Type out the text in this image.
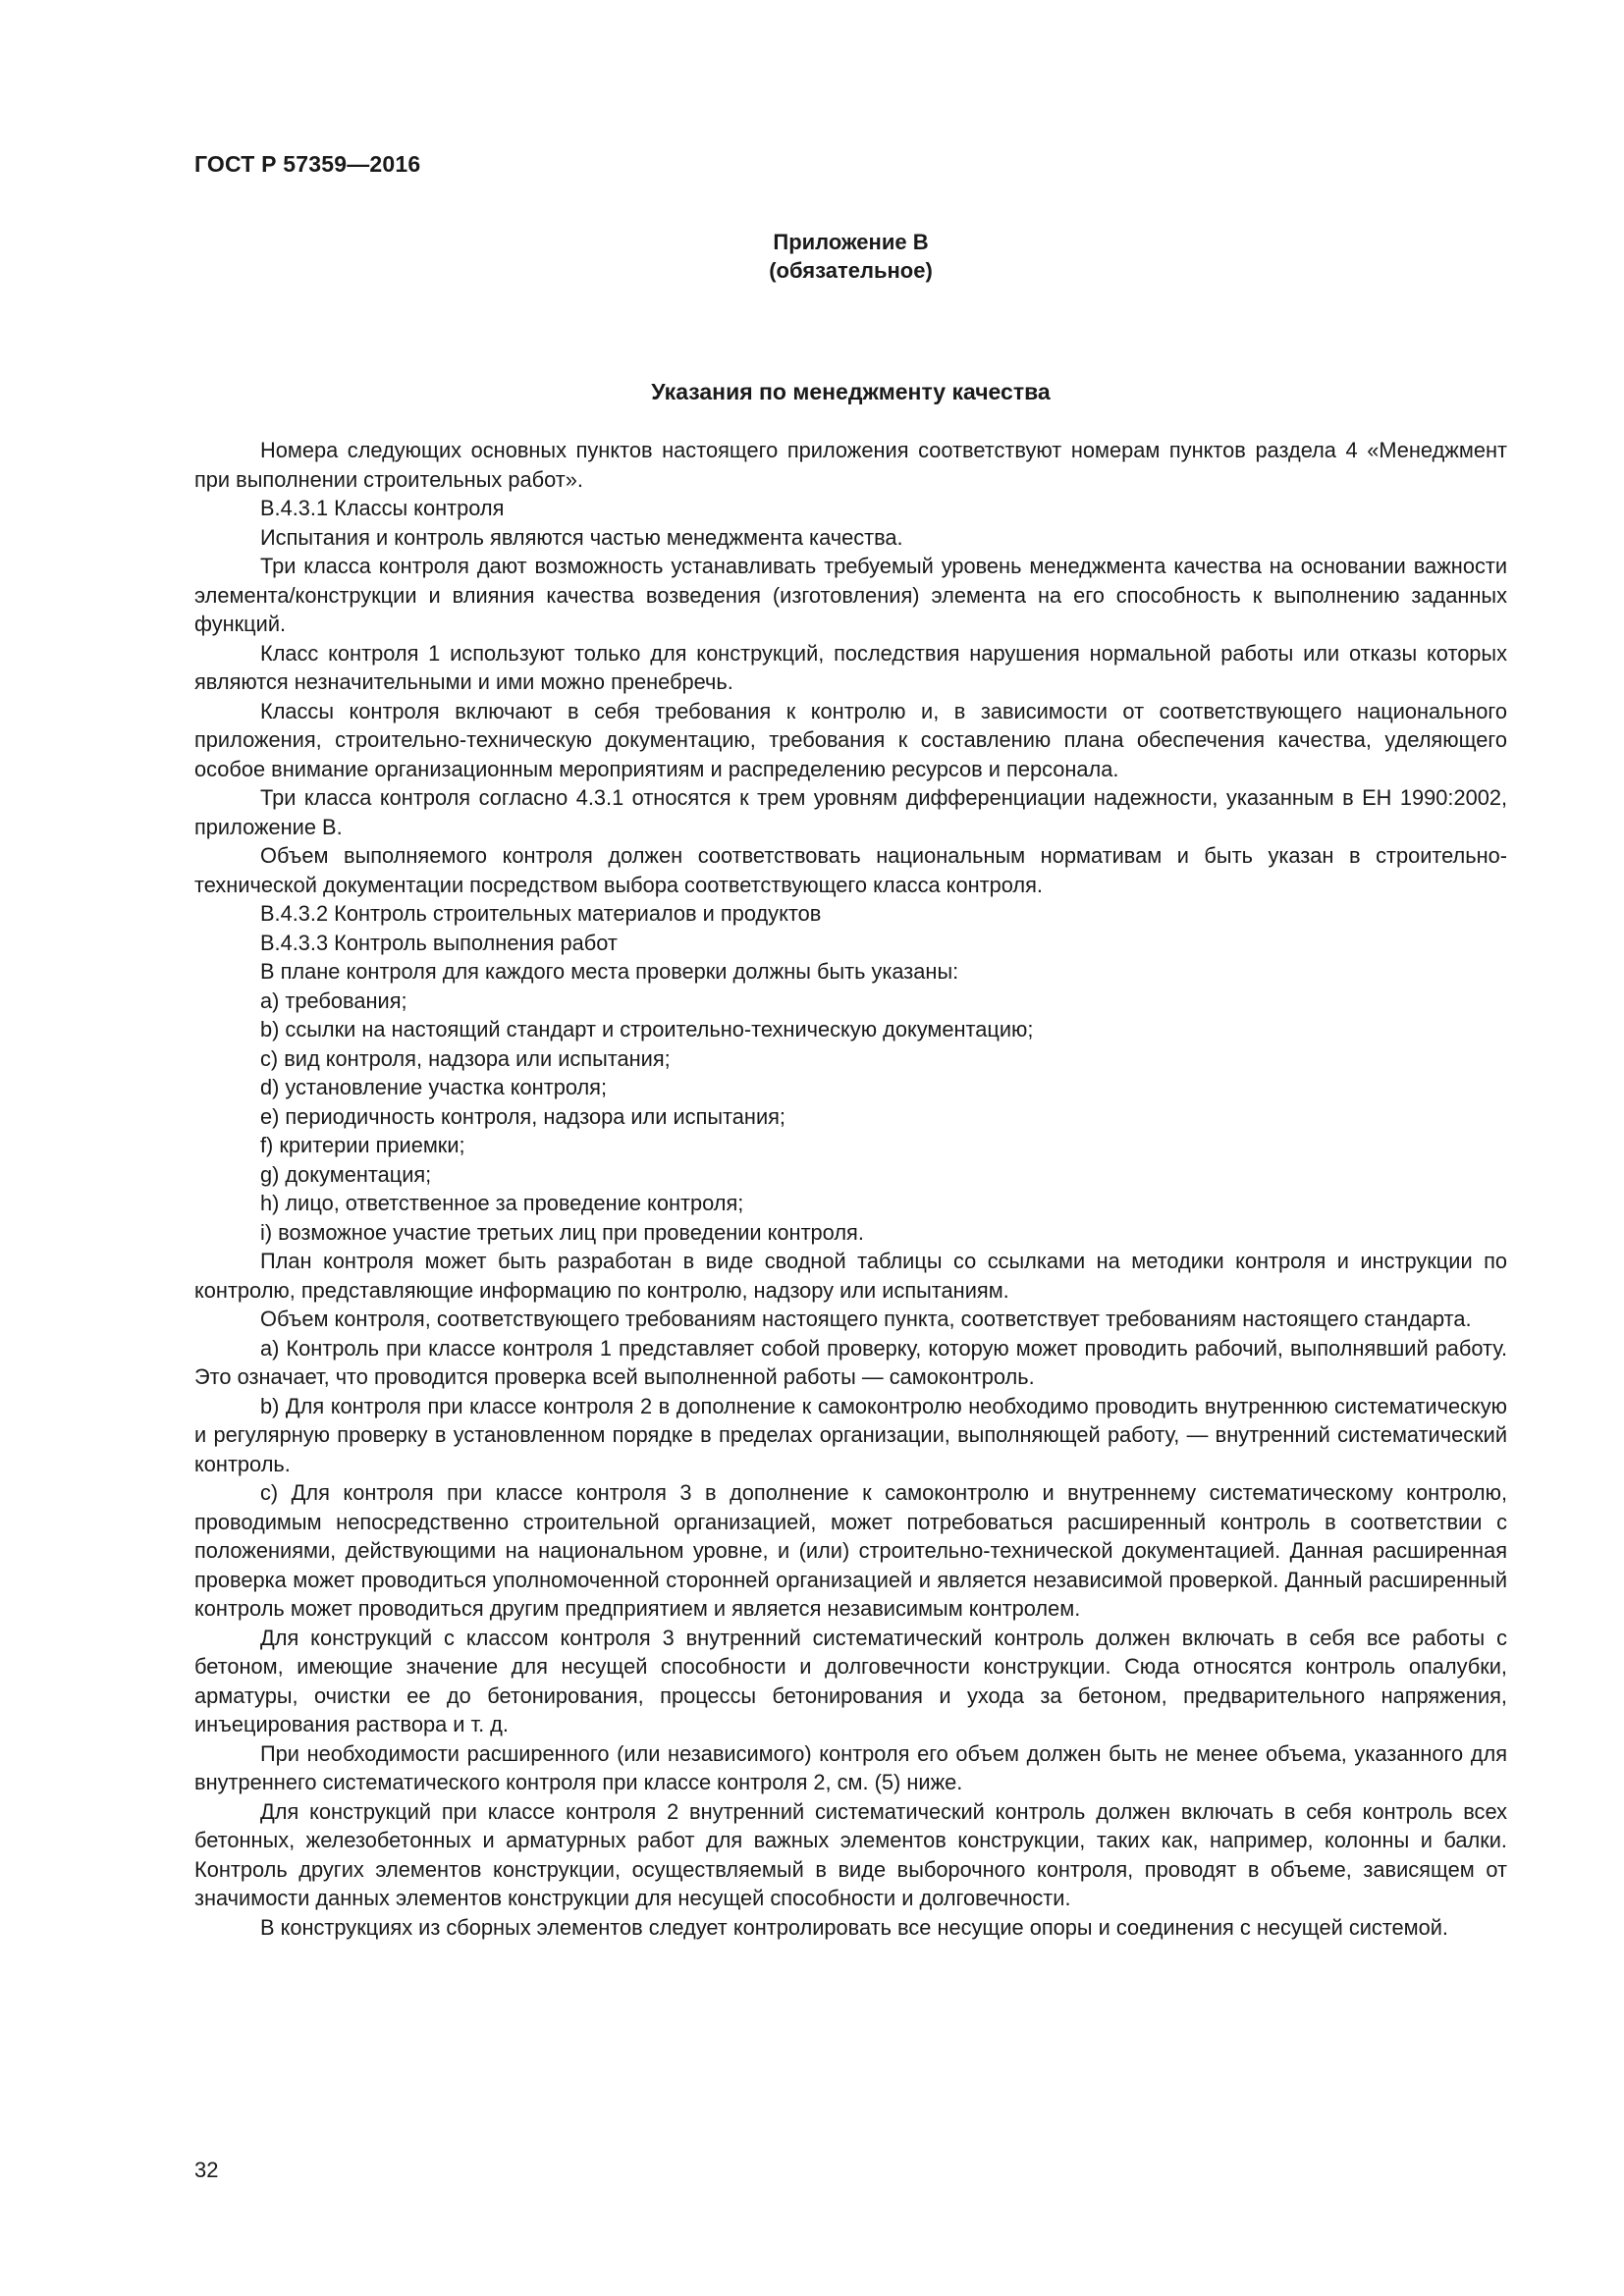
ГОСТ Р 57359—2016
Приложение В
(обязательное)
Указания по менеджменту качества

Номера следующих основных пунктов настоящего приложения соответствуют номерам пунктов раздела 4 «Менеджмент при выполнении строительных работ».

В.4.3.1 Классы контроля

Испытания и контроль являются частью менеджмента качества.

Три класса контроля дают возможность устанавливать требуемый уровень менеджмента качества на основании важности элемента/конструкции и влияния качества возведения (изготовления) элемента на его способность к выполнению заданных функций.

Класс контроля 1 используют только для конструкций, последствия нарушения нормальной работы или отказы которых являются незначительными и ими можно пренебречь.

Классы контроля включают в себя требования к контролю и, в зависимости от соответствующего национального приложения, строительно-техническую документацию, требования к составлению плана обеспечения качества, уделяющего особое внимание организационным мероприятиям и распределению ресурсов и персонала.

Три класса контроля согласно 4.3.1 относятся к трем уровням дифференциации надежности, указанным в ЕН 1990:2002, приложение В.

Объем выполняемого контроля должен соответствовать национальным нормативам и быть указан в строительно-технической документации посредством выбора соответствующего класса контроля.

В.4.3.2 Контроль строительных материалов и продуктов

В.4.3.3 Контроль выполнения работ

В плане контроля для каждого места проверки должны быть указаны:

a) требования;

b) ссылки на настоящий стандарт и строительно-техническую документацию;

c) вид контроля, надзора или испытания;

d) установление участка контроля;

e) периодичность контроля, надзора или испытания;

f) критерии приемки;

g) документация;

h) лицо, ответственное за проведение контроля;

i) возможное участие третьих лиц при проведении контроля.

План контроля может быть разработан в виде сводной таблицы со ссылками на методики контроля и инструкции по контролю, представляющие информацию по контролю, надзору или испытаниям.

Объем контроля, соответствующего требованиям настоящего пункта, соответствует требованиям настоящего стандарта.

a) Контроль при классе контроля 1 представляет собой проверку, которую может проводить рабочий, выполнявший работу. Это означает, что проводится проверка всей выполненной работы — самоконтроль.

b) Для контроля при классе контроля 2 в дополнение к самоконтролю необходимо проводить внутреннюю систематическую и регулярную проверку в установленном порядке в пределах организации, выполняющей работу, — внутренний систематический контроль.

c) Для контроля при классе контроля 3 в дополнение к самоконтролю и внутреннему систематическому контролю, проводимым непосредственно строительной организацией, может потребоваться расширенный контроль в соответствии с положениями, действующими на национальном уровне, и (или) строительно-технической документацией. Данная расширенная проверка может проводиться уполномоченной сторонней организацией и является независимой проверкой. Данный расширенный контроль может проводиться другим предприятием и является независимым контролем.

Для конструкций с классом контроля 3 внутренний систематический контроль должен включать в себя все работы с бетоном, имеющие значение для несущей способности и долговечности конструкции. Сюда относятся контроль опалубки, арматуры, очистки ее до бетонирования, процессы бетонирования и ухода за бетоном, предварительного напряжения, инъецирования раствора и т. д.

При необходимости расширенного (или независимого) контроля его объем должен быть не менее объема, указанного для внутреннего систематического контроля при классе контроля 2, см. (5) ниже.

Для конструкций при классе контроля 2 внутренний систематический контроль должен включать в себя контроль всех бетонных, железобетонных и арматурных работ для важных элементов конструкции, таких как, например, колонны и балки. Контроль других элементов конструкции, осуществляемый в виде выборочного контроля, проводят в объеме, зависящем от значимости данных элементов конструкции для несущей способности и долговечности.

В конструкциях из сборных элементов следует контролировать все несущие опоры и соединения с несущей системой.

32
